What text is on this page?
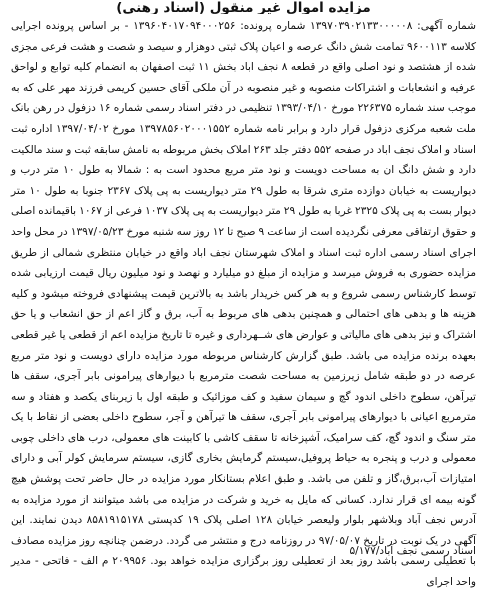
مزایده اموال غیر منقول (اسناد رهنی)

شماره آگهی: ۱۳۹۷۰۳۹۰۲۱۳۳۰۰۰۰۰۸ شماره پرونده: ۱۳۹۶۰۴۰۱۷۰۹۴۰۰۰۲۵۶ - بر اساس پرونده اجرایی کلاسه ۹۶۰۰۱۱۳ تمامت شش دانگ عرصه و اعیان پلاک ثبتی دوهزار و سیصد و شصت و هشت فرعی مجزی شده از هشتصد و نود اصلی واقع در قطعه ۸ نجف اباد بخش ۱۱ ثبت اصفهان به انضمام کلیه توابع و لواحق عرفیه و انشعابات و اشتراکات منصوبه و غیر منصوبه در آن ملکی آقای حسین کریمی فرزند مهر علی که به موجب سند شماره ۲۲۶۳۷۵ مورخ ۱۳۹۳/۰۴/۱۰ تنظیمی در دفتر اسناد رسمی شماره ۱۶ دزفول در رهن بانک ملت شعبه مرکزی دزفول قرار دارد و برابر نامه شماره ۱۳۹۷۸۵۶۰۲۰۰۰۱۵۵۲ مورخ ۱۳۹۷/۰۴/۰۲ اداره ثبت اسناد و املاک نجف اباد در صفحه ۵۵۲ دفتر جلد ۲۶۳ املاک بخش مربوطه به نامش سابقه ثبت و سند مالکیت دارد و شش دانگ ان به مساحت دویست و نود متر مربع محدود است به : شمالا به طول ۱۰ متر درب و دیواریست به خیابان دوازده متری شرقا به طول ۲۹ متر دیواریست به پی پلاک ۲۳۶۷ جنوبا به طول ۱۰ متر دیوار بست به پی پلاک ۲۳۲۵ غربا به طول ۲۹ متر دیواریست به پی پلاک ۱۰۳۷ فرعی از ۱۰۶۷ باقیمانده اصلی و حقوق ارتفاقی معرفی نگردیده است از ساعت ۹ صبح تا ۱۲ روز سه شنبه مورخ ۱۳۹۷/۰۵/۲۳ در محل واحد اجرای اسناد رسمی اداره ثبت اسناد و املاک شهرستان نجف اباد واقع در خیابان منتظری شمالی از طریق مزایده حضوری به فروش میرسد و مزایده از مبلغ دو میلیارد و نهصد و نود میلیون ریال قیمت ارزیابی شده توسط کارشناس رسمی شروع و به هر کس خریدار باشد به بالاترین قیمت پیشنهادی فروخته میشود و کلیه هزینه ها و بدهی های احتمالی و همچنین بدهی های مربوط به آب، برق و گاز اعم از حق انشعاب و یا حق اشتراک و نیز بدهی های مالیاتی و عوارض های شــهرداری و غیره تا تاریخ مزایده اعم از قطعی یا غیر قطعی بعهده برنده مزایده می باشد. طبق گزارش کارشناس مربوطه مورد مزایده دارای دویست و نود متر مربع عرصه در دو طبقه شامل زیرزمین به مساحت شصت مترمربع با دیوارهای پیرامونی بابر آجری، سقف ها تیرآهن، سطوح داخلی اندود گچ و سیمان سفید و کف موزائیک و طبقه اول با زیربنای یکصد و هفتاد و سه مترمربع اعیانی با دیوارهای پیرامونی بابر آجری، سقف ها تیرآهن و آجر، سطوح داخلی بعضی از نقاط با یک متر سنگ و اندود گچ، کف سرامیک، آشپزخانه تا سقف کاشی با کابینت های معمولی، درب های داخلی چوبی معمولی و درب و پنجره به حیاط پروفیل،سیستم گرمایش بخاری گازی، سیستم سرمایش کولر آبی و دارای امتیازات آب،برق،گاز و تلفن می باشد. و طبق اعلام بستانکار مورد مزایده در حال حاضر تحت پوشش هیچ گونه بیمه ای قرار ندارد. کسانی که مایل به خرید و شرکت در مزایده می باشد میتوانند از مورد مزایده به آدرس نجف آباد وبلاشهر بلوار ولیعصر خیابان ۱۲۸ اصلی پلاک ۱۹ کدپستی ۸۵۸۱۹۱۵۱۷۸ دیدن نمایند. این آگهی در یک نوبت در تاریخ ۹۷/۰۵/۰۷ در روزنامه درج و منتشر می گردد. درضمن چنانچه روز مزایده مصادف با تعطیلی رسمی باشد روز بعد از تعطیلی روز برگزاری مزایده خواهد بود. ۲۰۹۹۵۶ م الف - فاتحی - مدیر واحد اجرای

اسناد رسمی نجف آباد/۵/۱۷۷
